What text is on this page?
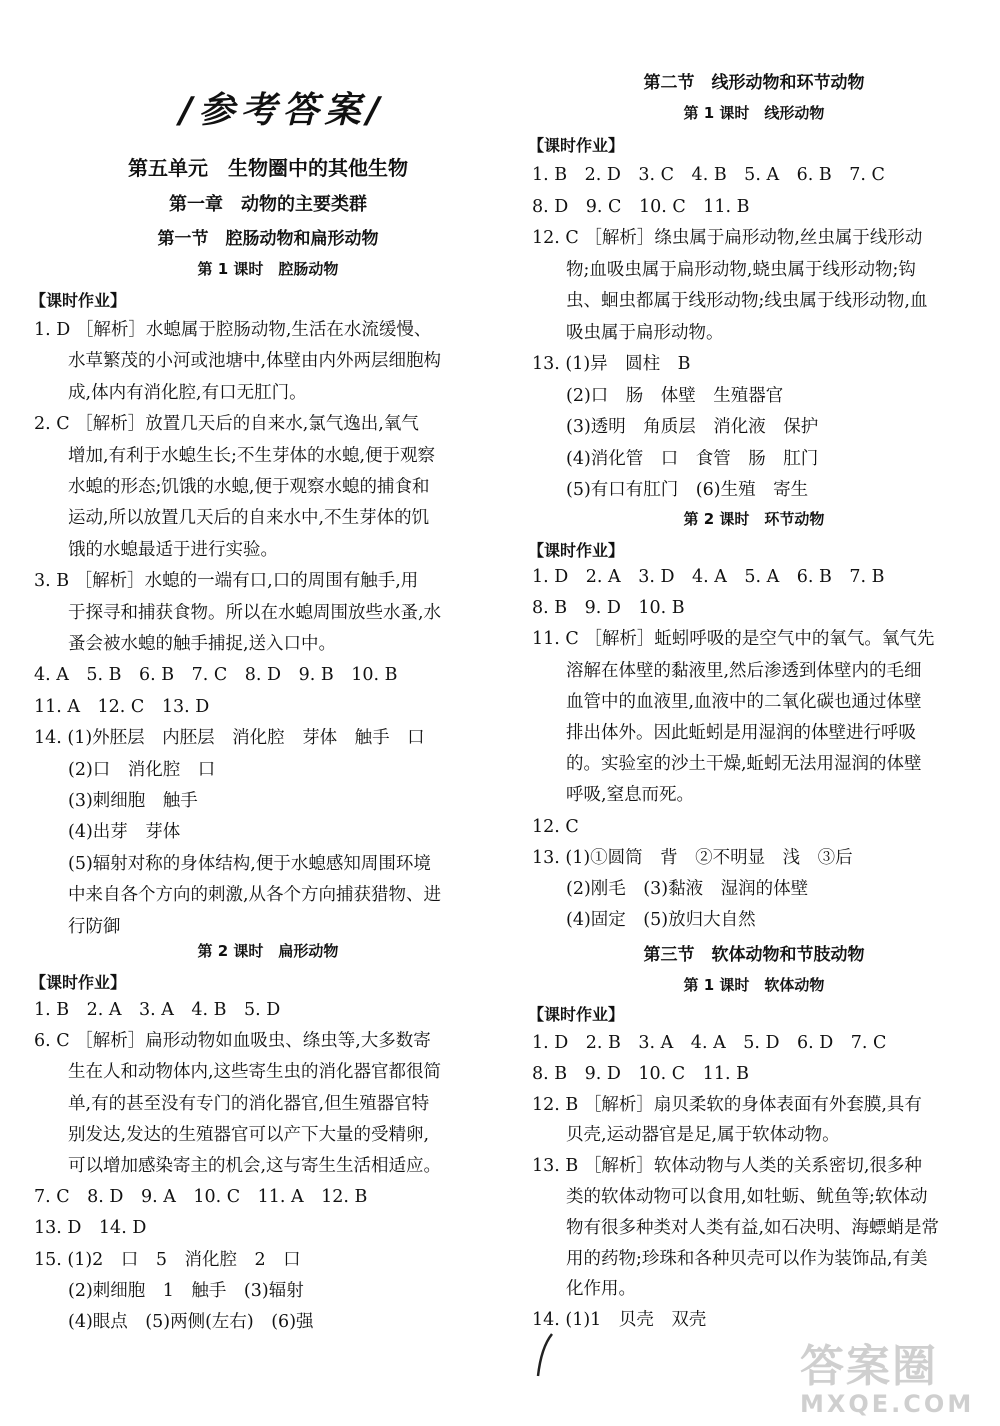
/参考答案/
第五单元　生物圈中的其他生物
第一章　动物的主要类群
第一节　腔肠动物和扁形动物
第 1 课时　腔肠动物
【课时作业】
1. D ［解析］水螅属于腔肠动物,生活在水流缓慢、
水草繁茂的小河或池塘中,体壁由内外两层细胞构
成,体内有消化腔,有口无肛门。
2. C ［解析］放置几天后的自来水,氯气逸出,氧气
增加,有利于水螅生长;不生芽体的水螅,便于观察
水螅的形态;饥饿的水螅,便于观察水螅的捕食和
运动,所以放置几天后的自来水中,不生芽体的饥
饿的水螅最适于进行实验。
3. B ［解析］水螅的一端有口,口的周围有触手,用
于探寻和捕获食物。所以在水螅周围放些水蚤,水
蚤会被水螅的触手捕捉,送入口中。
4. A　5. B　6. B　7. C　8. D　9. B　10. B
11. A　12. C　13. D
14. (1)外胚层　内胚层　消化腔　芽体　触手　口
(2)口　消化腔　口
(3)刺细胞　触手
(4)出芽　芽体
(5)辐射对称的身体结构,便于水螅感知周围环境
中来自各个方向的刺激,从各个方向捕获猎物、进
行防御
第 2 课时　扁形动物
【课时作业】
1. B　2. A　3. A　4. B　5. D
6. C ［解析］扁形动物如血吸虫、绦虫等,大多数寄
生在人和动物体内,这些寄生虫的消化器官都很简
单,有的甚至没有专门的消化器官,但生殖器官特
别发达,发达的生殖器官可以产下大量的受精卵,
可以增加感染寄主的机会,这与寄生生活相适应。
7. C　8. D　9. A　10. C　11. A　12. B
13. D　14. D
15. (1)2　口　5　消化腔　2　口
(2)刺细胞　1　触手　(3)辐射
(4)眼点　(5)两侧(左右)　(6)强
第二节　线形动物和环节动物
第 1 课时　线形动物
【课时作业】
1. B　2. D　3. C　4. B　5. A　6. B　7. C
8. D　9. C　10. C　11. B
12. C ［解析］绦虫属于扁形动物,丝虫属于线形动
物;血吸虫属于扁形动物,蛲虫属于线形动物;钩
虫、蛔虫都属于线形动物;线虫属于线形动物,血
吸虫属于扁形动物。
13. (1)异　圆柱　B
(2)口　肠　体壁　生殖器官
(3)透明　角质层　消化液　保护
(4)消化管　口　食管　肠　肛门
(5)有口有肛门　(6)生殖　寄生
第 2 课时　环节动物
【课时作业】
1. D　2. A　3. D　4. A　5. A　6. B　7. B
8. B　9. D　10. B
11. C ［解析］蚯蚓呼吸的是空气中的氧气。氧气先
溶解在体壁的黏液里,然后渗透到体壁内的毛细
血管中的血液里,血液中的二氧化碳也通过体壁
排出体外。因此蚯蚓是用湿润的体壁进行呼吸
的。实验室的沙土干燥,蚯蚓无法用湿润的体壁
呼吸,窒息而死。
12. C
13. (1)①圆筒　背　②不明显　浅　③后
(2)刚毛　(3)黏液　湿润的体壁
(4)固定　(5)放归大自然
第三节　软体动物和节肢动物
第 1 课时　软体动物
【课时作业】
1. D　2. B　3. A　4. A　5. D　6. D　7. C
8. B　9. D　10. C　11. B
12. B ［解析］扇贝柔软的身体表面有外套膜,具有
贝壳,运动器官是足,属于软体动物。
13. B ［解析］软体动物与人类的关系密切,很多种
类的软体动物可以食用,如牡蛎、鱿鱼等;软体动
物有很多种类对人类有益,如石决明、海螵蛸是常
用的药物;珍珠和各种贝壳可以作为装饰品,有美
化作用。
14. (1)1　贝壳　双壳
答案圈
MXQE.COM
